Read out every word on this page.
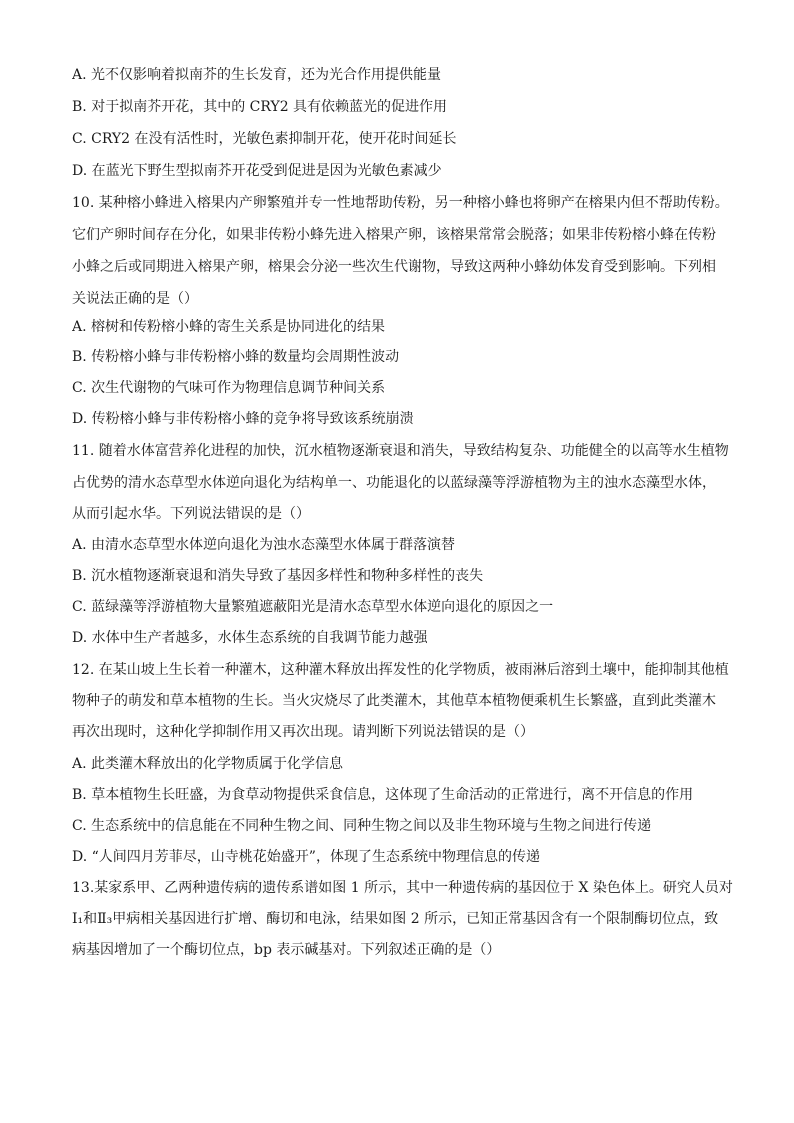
A. 光不仅影响着拟南芥的生长发育，还为光合作用提供能量
B. 对于拟南芥开花，其中的 CRY2 具有依赖蓝光的促进作用
C. CRY2 在没有活性时，光敏色素抑制开花，使开花时间延长
D. 在蓝光下野生型拟南芥开花受到促进是因为光敏色素减少
10. 某种榕小蜂进入榕果内产卵繁殖并专一性地帮助传粉，另一种榕小蜂也将卵产在榕果内但不帮助传粉。
它们产卵时间存在分化，如果非传粉小蜂先进入榕果产卵，该榕果常常会脱落；如果非传粉榕小蜂在传粉
小蜂之后或同期进入榕果产卵，榕果会分泌一些次生代谢物，导致这两种小蜂幼体发育受到影响。下列相
关说法正确的是（）
A. 榕树和传粉榕小蜂的寄生关系是协同进化的结果
B. 传粉榕小蜂与非传粉榕小蜂的数量均会周期性波动
C. 次生代谢物的气味可作为物理信息调节种间关系
D. 传粉榕小蜂与非传粉榕小蜂的竞争将导致该系统崩溃
11. 随着水体富营养化进程的加快，沉水植物逐渐衰退和消失，导致结构复杂、功能健全的以高等水生植物
占优势的清水态草型水体逆向退化为结构单一、功能退化的以蓝绿藻等浮游植物为主的浊水态藻型水体，
从而引起水华。下列说法错误的是（）
A. 由清水态草型水体逆向退化为浊水态藻型水体属于群落演替
B. 沉水植物逐渐衰退和消失导致了基因多样性和物种多样性的丧失
C. 蓝绿藻等浮游植物大量繁殖遮蔽阳光是清水态草型水体逆向退化的原因之一
D. 水体中生产者越多，水体生态系统的自我调节能力越强
12. 在某山坡上生长着一种灌木，这种灌木释放出挥发性的化学物质，被雨淋后溶到土壤中，能抑制其他植
物种子的萌发和草本植物的生长。当火灾烧尽了此类灌木，其他草本植物便乘机生长繁盛，直到此类灌木
再次出现时，这种化学抑制作用又再次出现。请判断下列说法错误的是（）
A. 此类灌木释放出的化学物质属于化学信息
B. 草本植物生长旺盛，为食草动物提供采食信息，这体现了生命活动的正常进行，离不开信息的作用
C. 生态系统中的信息能在不同种生物之间、同种生物之间以及非生物环境与生物之间进行传递
D. “人间四月芳菲尽，山寺桃花始盛开”，体现了生态系统中物理信息的传递
13.某家系甲、乙两种遗传病的遗传系谱如图 1 所示，其中一种遗传病的基因位于 X 染色体上。研究人员对
I₁和Ⅱ₃甲病相关基因进行扩增、酶切和电泳，结果如图 2 所示，已知正常基因含有一个限制酶切位点，致
病基因增加了一个酶切位点，bp 表示碱基对。下列叙述正确的是（）
